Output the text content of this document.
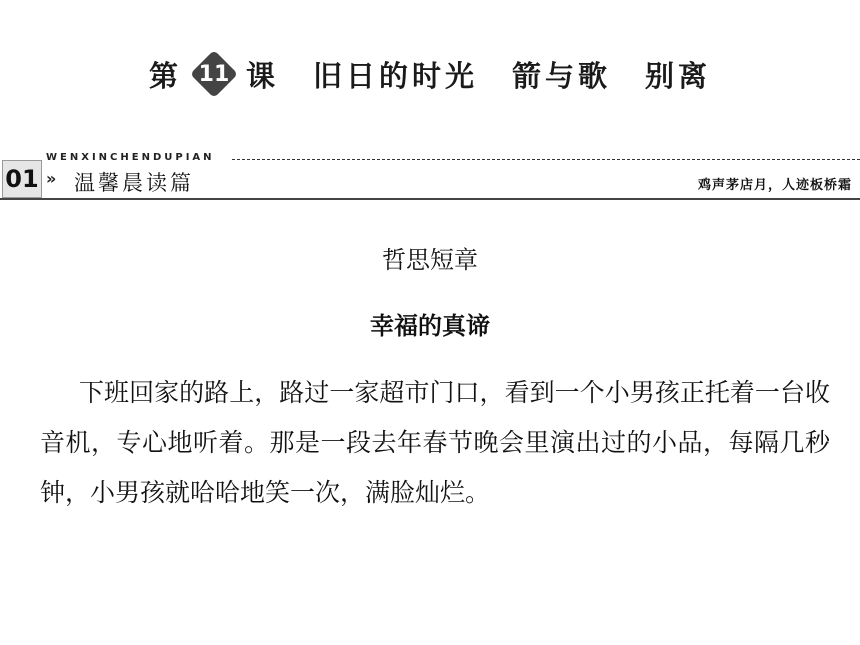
第 11 课 旧日的时光 箭与歌 别离
01
WENXINCHENDUPIAN
» 温馨晨读篇	鸡声茅店月，人迹板桥霜
哲思短章
幸福的真谛
下班回家的路上，路过一家超市门口，看到一个小男孩正托着一台收音机，专心地听着。那是一段去年春节晚会里演出过的小品，每隔几秒钟，小男孩就哈哈地笑一次，满脸灿烂。
